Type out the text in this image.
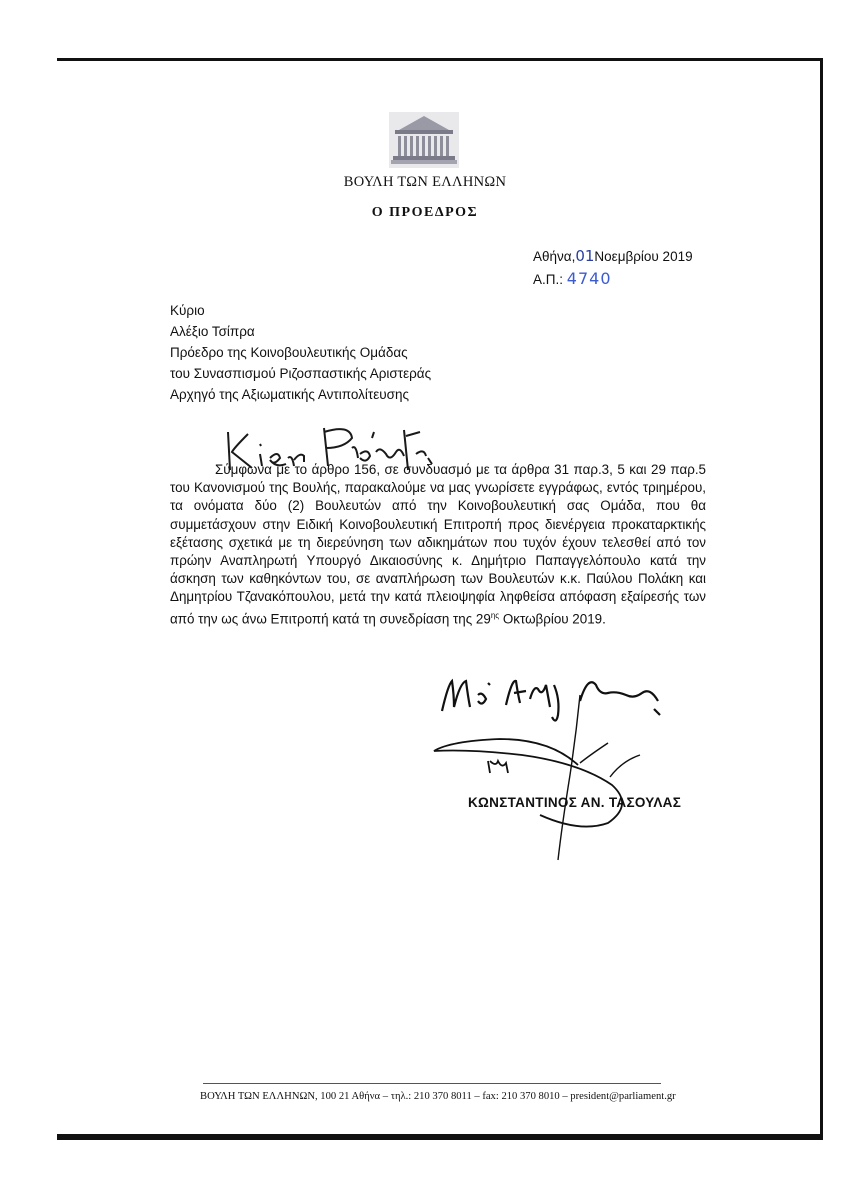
ΒΟΥΛΗ ΤΩΝ ΕΛΛΗΝΩΝ
Ο ΠΡΟΕΔΡΟΣ
Αθήνα,01Νοεμβρίου 2019
Α.Π.: 4740
Κύριο
Αλέξιο Τσίπρα
Πρόεδρο της Κοινοβουλευτικής Ομάδας
του Συνασπισμού Ριζοσπαστικής Αριστεράς
Αρχηγό της Αξιωματικής Αντιπολίτευσης

Σύμφωνα με το άρθρο 156, σε συνδυασμό με τα άρθρα 31 παρ.3, 5 και 29 παρ.5 του Κανονισμού της Βουλής, παρακαλούμε να μας γνωρίσετε εγγράφως, εντός τριημέρου, τα ονόματα δύο (2) Βουλευτών από την Κοινοβουλευτική σας Ομάδα, που θα συμμετάσχουν στην Ειδική Κοινοβουλευτική Επιτροπή προς διενέργεια προκαταρκτικής εξέτασης σχετικά με τη διερεύνηση των αδικημάτων που τυχόν έχουν τελεσθεί από τον πρώην Αναπληρωτή Υπουργό Δικαιοσύνης κ. Δημήτριο Παπαγγελόπουλο κατά την άσκηση των καθηκόντων του, σε αναπλήρωση των Βουλευτών κ.κ. Παύλου Πολάκη και Δημητρίου Τζανακόπουλου, μετά την κατά πλειοψηφία ληφθείσα απόφαση εξαίρεσής των από την ως άνω Επιτροπή κατά τη συνεδρίαση της $29^{\eta\varsigma}$ Οκτωβρίου 2019.

ΚΩΝΣΤΑΝΤΙΝΟΣ ΑΝ. ΤΑΣΟΥΛΑΣ
ΒΟΥΛΗ ΤΩΝ ΕΛΛΗΝΩΝ, 100 21 Αθήνα – τηλ.: 210 370 8011 – fax: 210 370 8010 – president@parliament.gr
